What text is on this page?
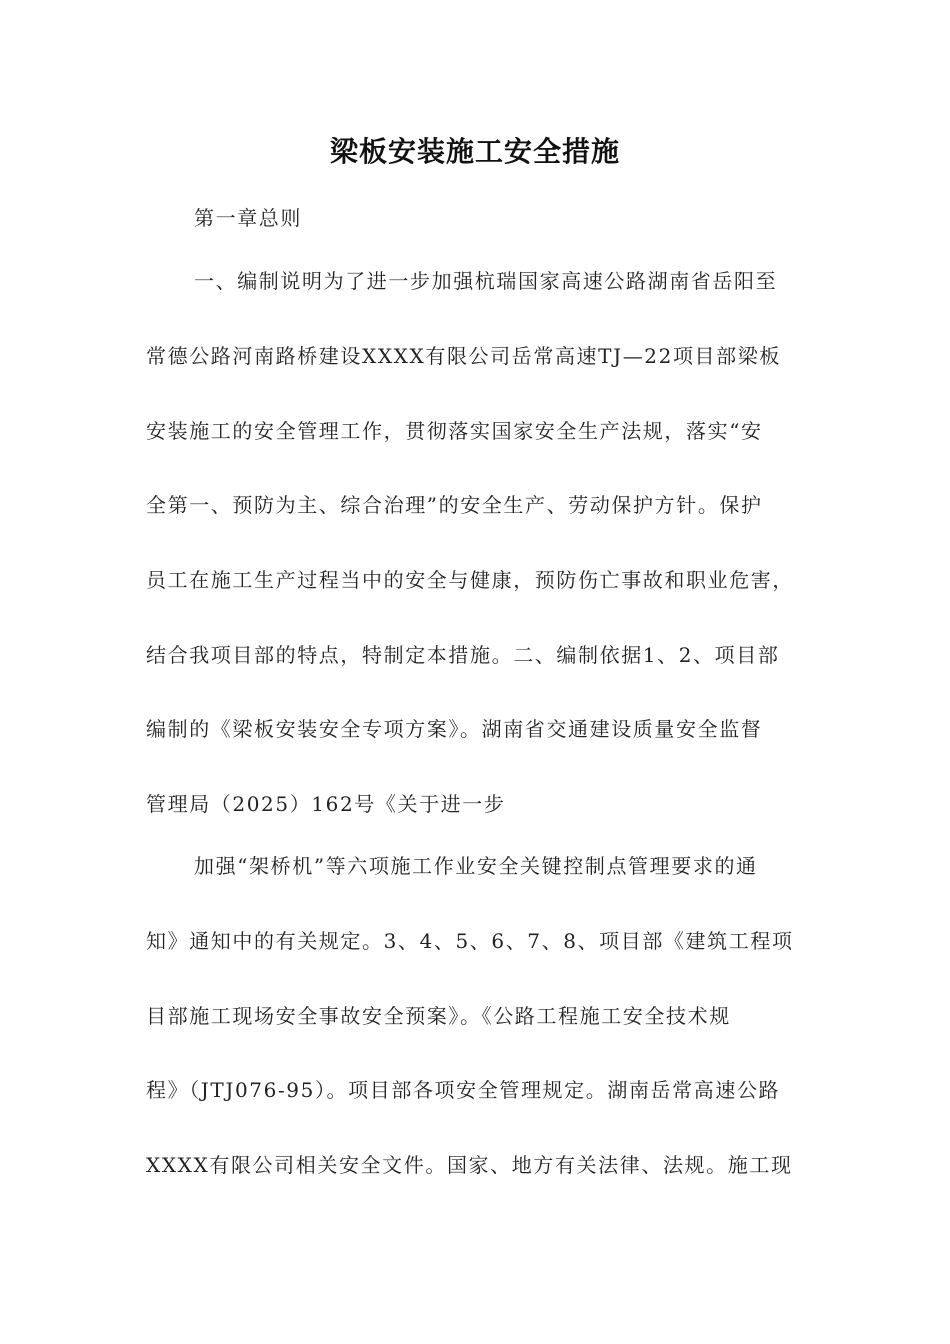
梁板安装施工安全措施
第一章总则
一、编制说明为了进一步加强杭瑞国家高速公路湖南省岳阳至
常德公路河南路桥建设XXXX有限公司岳常高速TJ—22项目部梁板
安装施工的安全管理工作，贯彻落实国家安全生产法规，落实“安
全第一、预防为主、综合治理”的安全生产、劳动保护方针。保护
员工在施工生产过程当中的安全与健康，预防伤亡事故和职业危害，
结合我项目部的特点，特制定本措施。二、编制依据1、2、项目部
编制的《梁板安装安全专项方案》。湖南省交通建设质量安全监督
管理局（2025）162号《关于进一步
加强“架桥机”等六项施工作业安全关键控制点管理要求的通
知》通知中的有关规定。3、4、5、6、7、8、项目部《建筑工程项
目部施工现场安全事故安全预案》。《公路工程施工安全技术规
程》（JTJ076-95）。项目部各项安全管理规定。湖南岳常高速公路
XXXX有限公司相关安全文件。国家、地方有关法律、法规。施工现
